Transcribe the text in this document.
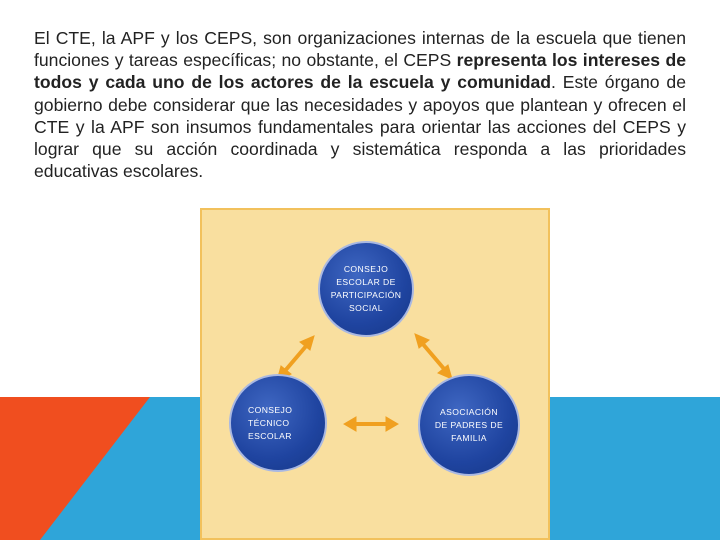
El CTE, la APF y los CEPS, son organizaciones internas de la escuela que tienen funciones y tareas específicas; no obstante, el CEPS representa los intereses de todos y cada uno de los actores de la escuela y comunidad. Este órgano de gobierno debe considerar que las necesidades y apoyos que plantean y ofrecen el CTE y la APF son insumos fundamentales para orientar las acciones del CEPS y lograr que su acción coordinada y sistemática responda a las prioridades educativas escolares.

CONSEJO ESCOLAR DE PARTICIPACIÓN SOCIAL
CONSEJO TÉCNICO ESCOLAR
ASOCIACIÓN DE PADRES DE FAMILIA
